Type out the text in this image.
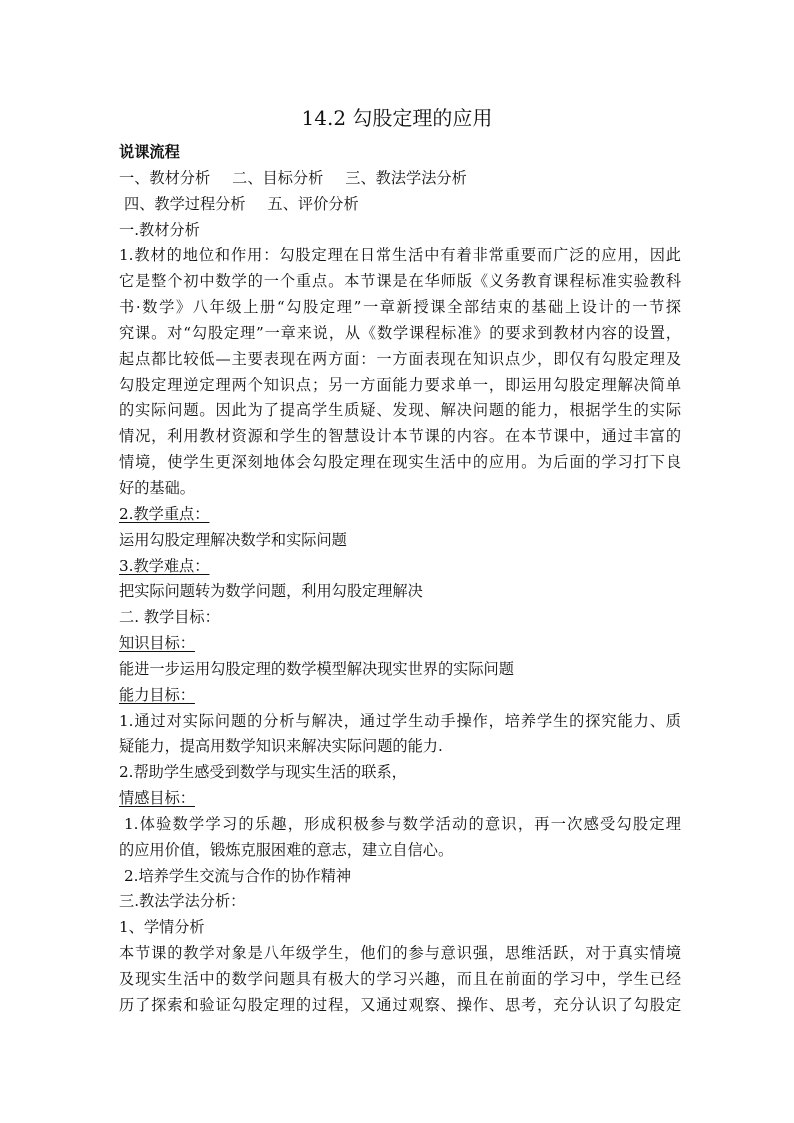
14.2 勾股定理的应用
说课流程
一、教材分析 二、目标分析 三、教法学法分析
四、教学过程分析 五、评价分析
一.教材分析
1.教材的地位和作用：勾股定理在日常生活中有着非常重要而广泛的应用，因此
它是整个初中数学的一个重点。本节课是在华师版《义务教育课程标准实验教科
书·数学》八年级上册“勾股定理”一章新授课全部结束的基础上设计的一节探
究课。对“勾股定理”一章来说，从《数学课程标准》的要求到教材内容的设置，
起点都比较低—主要表现在两方面：一方面表现在知识点少，即仅有勾股定理及
勾股定理逆定理两个知识点；另一方面能力要求单一，即运用勾股定理解决简单
的实际问题。因此为了提高学生质疑、发现、解决问题的能力，根据学生的实际
情况，利用教材资源和学生的智慧设计本节课的内容。在本节课中，通过丰富的
情境，使学生更深刻地体会勾股定理在现实生活中的应用。为后面的学习打下良
好的基础。
2.教学重点：
运用勾股定理解决数学和实际问题
3.教学难点：
把实际问题转为数学问题，利用勾股定理解决
二. 教学目标：
知识目标：
能进一步运用勾股定理的数学模型解决现实世界的实际问题
能力目标：
1.通过对实际问题的分析与解决，通过学生动手操作，培养学生的探究能力、质
疑能力，提高用数学知识来解决实际问题的能力.
2.帮助学生感受到数学与现实生活的联系，
情感目标：
1.体验数学学习的乐趣，形成积极参与数学活动的意识，再一次感受勾股定理
的应用价值，锻炼克服困难的意志，建立自信心。
2.培养学生交流与合作的协作精神
三.教法学法分析：
1、学情分析
本节课的教学对象是八年级学生，他们的参与意识强，思维活跃，对于真实情境
及现实生活中的数学问题具有极大的学习兴趣，而且在前面的学习中，学生已经
历了探索和验证勾股定理的过程，又通过观察、操作、思考，充分认识了勾股定
